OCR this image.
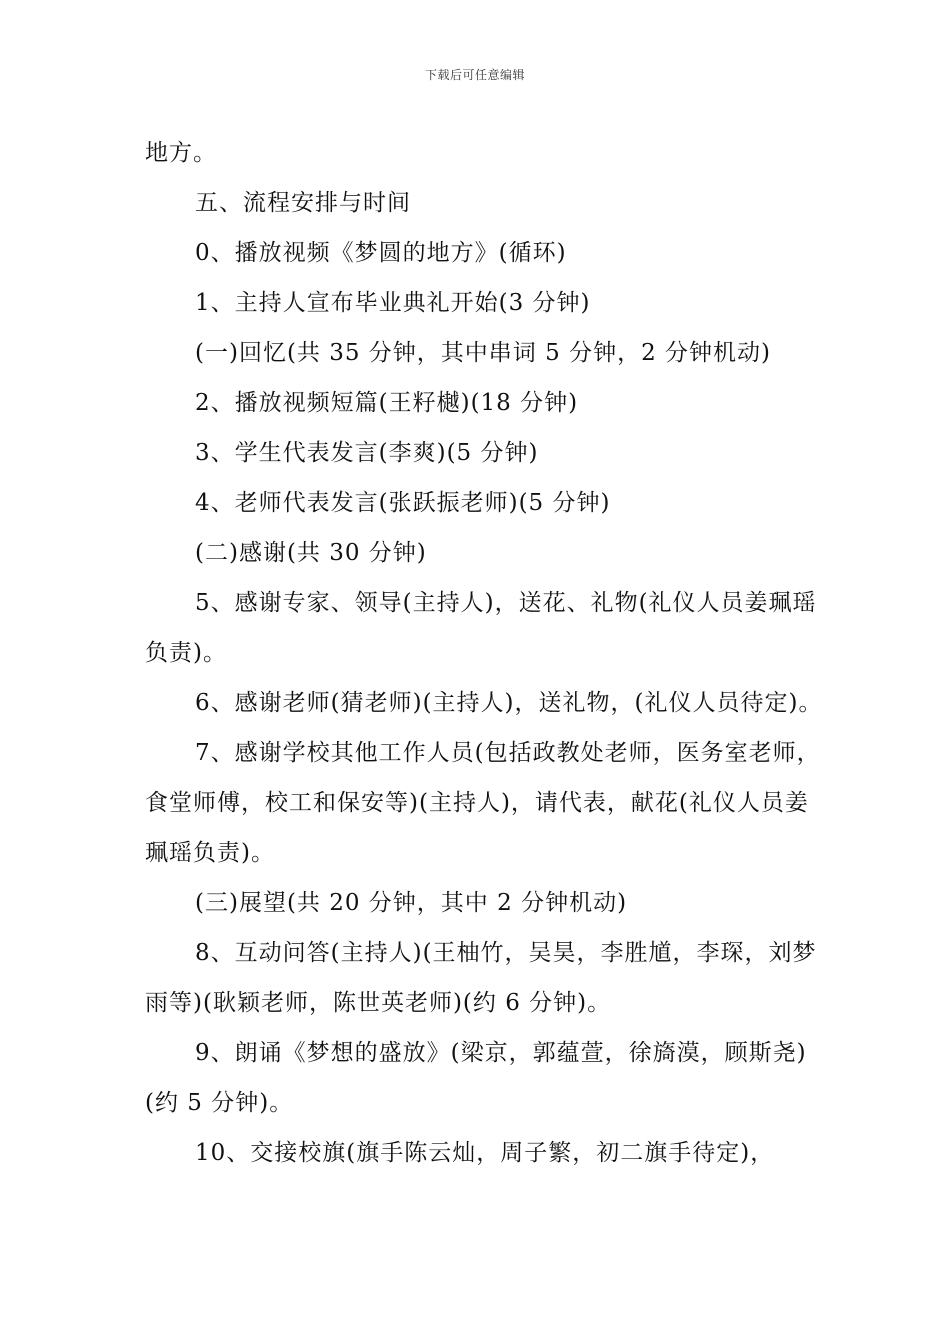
下载后可任意编辑

地方。

五、流程安排与时间

0、播放视频《梦圆的地方》(循环)

1、主持人宣布毕业典礼开始(3 分钟)

(一)回忆(共 35 分钟，其中串词 5 分钟，2 分钟机动)

2、播放视频短篇(王籽樾)(18 分钟)

3、学生代表发言(李爽)(5 分钟)

4、老师代表发言(张跃振老师)(5 分钟)

(二)感谢(共 30 分钟)

5、感谢专家、领导(主持人)，送花、礼物(礼仪人员姜珮瑶负责)。

6、感谢老师(猜老师)(主持人)，送礼物，(礼仪人员待定)。

7、感谢学校其他工作人员(包括政教处老师，医务室老师，食堂师傅，校工和保安等)(主持人)，请代表，献花(礼仪人员姜珮瑶负责)。

(三)展望(共 20 分钟，其中 2 分钟机动)

8、互动问答(主持人)(王柚竹，吴昊，李胜馗，李琛，刘梦雨等)(耿颖老师，陈世英老师)(约 6 分钟)。

9、朗诵《梦想的盛放》(梁京，郭蕴萱，徐旖漠，顾斯尧)(约 5 分钟)。

10、交接校旗(旗手陈云灿，周子繁，初二旗手待定)，
